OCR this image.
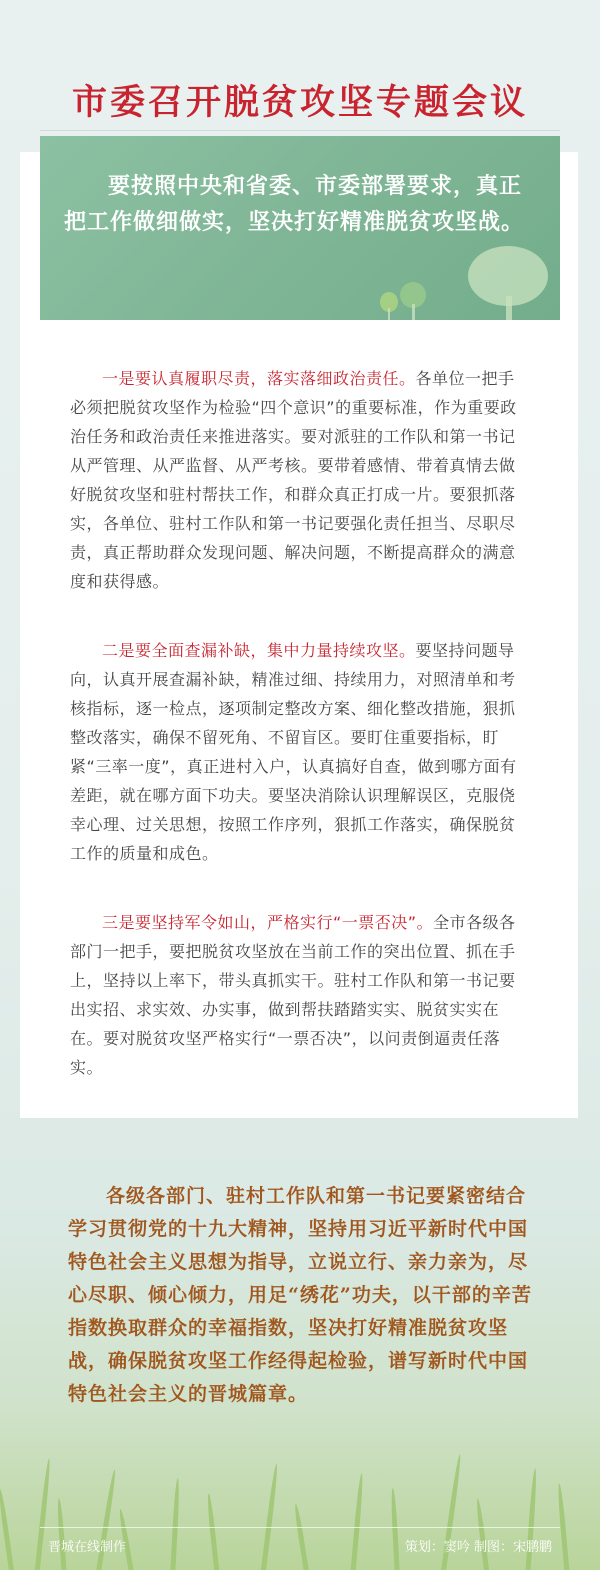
市委召开脱贫攻坚专题会议
要按照中央和省委、市委部署要求，真正把工作做细做实，坚决打好精准脱贫攻坚战。
一是要认真履职尽责，落实落细政治责任。各单位一把手必须把脱贫攻坚作为检验“四个意识”的重要标准，作为重要政治任务和政治责任来推进落实。要对派驻的工作队和第一书记从严管理、从严监督、从严考核。要带着感情、带着真情去做好脱贫攻坚和驻村帮扶工作，和群众真正打成一片。要狠抓落实，各单位、驻村工作队和第一书记要强化责任担当、尽职尽责，真正帮助群众发现问题、解决问题，不断提高群众的满意度和获得感。
二是要全面查漏补缺，集中力量持续攻坚。要坚持问题导向，认真开展查漏补缺，精准过细、持续用力，对照清单和考核指标，逐一检点，逐项制定整改方案、细化整改措施，狠抓整改落实，确保不留死角、不留盲区。要盯住重要指标，盯紧“三率一度”，真正进村入户，认真搞好自查，做到哪方面有差距，就在哪方面下功夫。要坚决消除认识理解误区，克服侥幸心理、过关思想，按照工作序列，狠抓工作落实，确保脱贫工作的质量和成色。
三是要坚持军令如山，严格实行“一票否决”。全市各级各部门一把手，要把脱贫攻坚放在当前工作的突出位置、抓在手上，坚持以上率下，带头真抓实干。驻村工作队和第一书记要出实招、求实效、办实事，做到帮扶踏踏实实、脱贫实实在在。要对脱贫攻坚严格实行“一票否决”，以问责倒逼责任落实。
各级各部门、驻村工作队和第一书记要紧密结合学习贯彻党的十九大精神，坚持用习近平新时代中国特色社会主义思想为指导，立说立行、亲力亲为，尽心尽职、倾心倾力，用足“绣花”功夫，以干部的辛苦指数换取群众的幸福指数，坚决打好精准脱贫攻坚战，确保脱贫攻坚工作经得起检验，谱写新时代中国特色社会主义的晋城篇章。
晋城在线制作	策划：窦吟 制图：宋鹏鹏
